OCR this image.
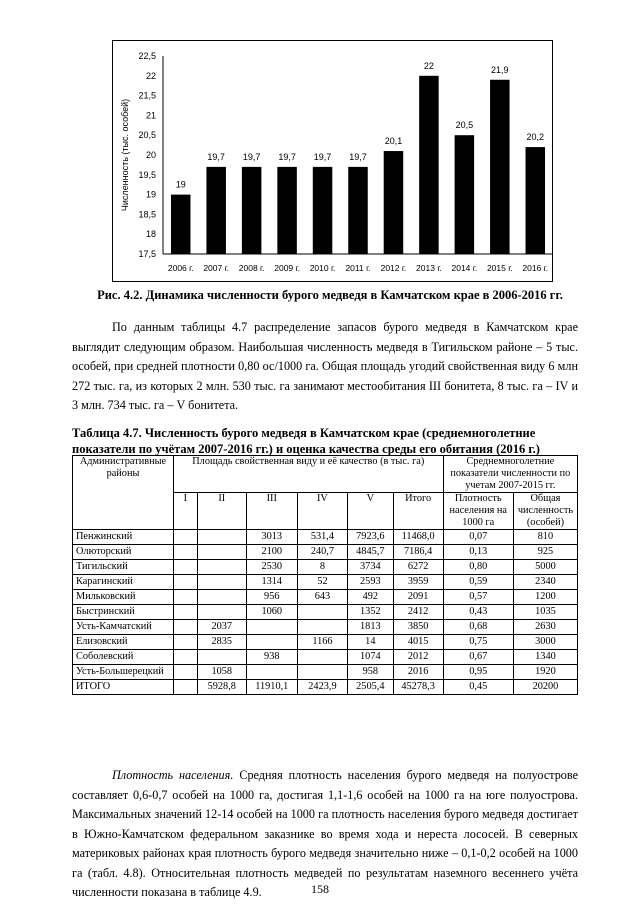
17,5
18
18,5
19
19,5
20
20,5
21
21,5
22
22,5
19
2006 г.
19,7
2007 г.
19,7
2008 г.
19,7
2009 г.
19,7
2010 г.
19,7
2011 г.
20,1
2012 г.
22
2013 г.
20,5
2014 г.
21,9
2015 г.
20,2
2016 г.
Численность (тыс. особей)
Рис. 4.2. Динамика численности бурого медведя в Камчатском крае в 2006-2016 гг.
По данным таблицы 4.7 распределение запасов бурого медведя в Камчатском крае выглядит следующим образом. Наибольшая численность медведя в Тигильском районе – 5 тыс. особей, при средней плотности 0,80 ос/1000 га. Общая площадь угодий свойственная виду 6 млн 272 тыс. га, из которых 2 млн. 530 тыс. га занимают местообитания III бонитета, 8 тыс. га – IV и 3 млн. 734 тыс. га – V бонитета.
Таблица 4.7. Численность бурого медведя в Камчатском крае (среднемноголетние показатели по учётам 2007-2016 гг.) и оценка качества среды его обитания (2016 г.)
Административные районы	Площадь свойственная виду и её качество (в тыс. га)						Среднемноголетние показатели численности по учетам 2007-2015 гг.	
	I	II	III	IV	V	Итого	Плотность населения на 1000 га	Общая численность (особей)
Пенжинский			3013	531,4	7923,6	11468,0	0,07	810
Олюторский			2100	240,7	4845,7	7186,4	0,13	925
Тигильский			2530	8	3734	6272	0,80	5000
Карагинский			1314	52	2593	3959	0,59	2340
Мильковский			956	643	492	2091	0,57	1200
Быстринский			1060		1352	2412	0,43	1035
Усть-Камчатский		2037			1813	3850	0,68	2630
Елизовский		2835		1166	14	4015	0,75	3000
Соболевский			938		1074	2012	0,67	1340
Усть-Большерецкий		1058			958	2016	0,95	1920
ИТОГО		5928,8	11910,1	2423,9	2505,4	45278,3	0,45	20200
Плотность населения. Средняя плотность населения бурого медведя на полуострове составляет 0,6-0,7 особей на 1000 га, достигая 1,1-1,6 особей на 1000 га на юге полуострова. Максимальных значений 12-14 особей на 1000 га плотность населения бурого медведя достигает в Южно-Камчатском федеральном заказнике во время хода и нереста лососей. В северных материковых районах края плотность бурого медведя значительно ниже – 0,1-0,2 особей на 1000 га (табл. 4.8). Относительная плотность медведей по результатам наземного весеннего учёта численности показана в таблице 4.9.	158
